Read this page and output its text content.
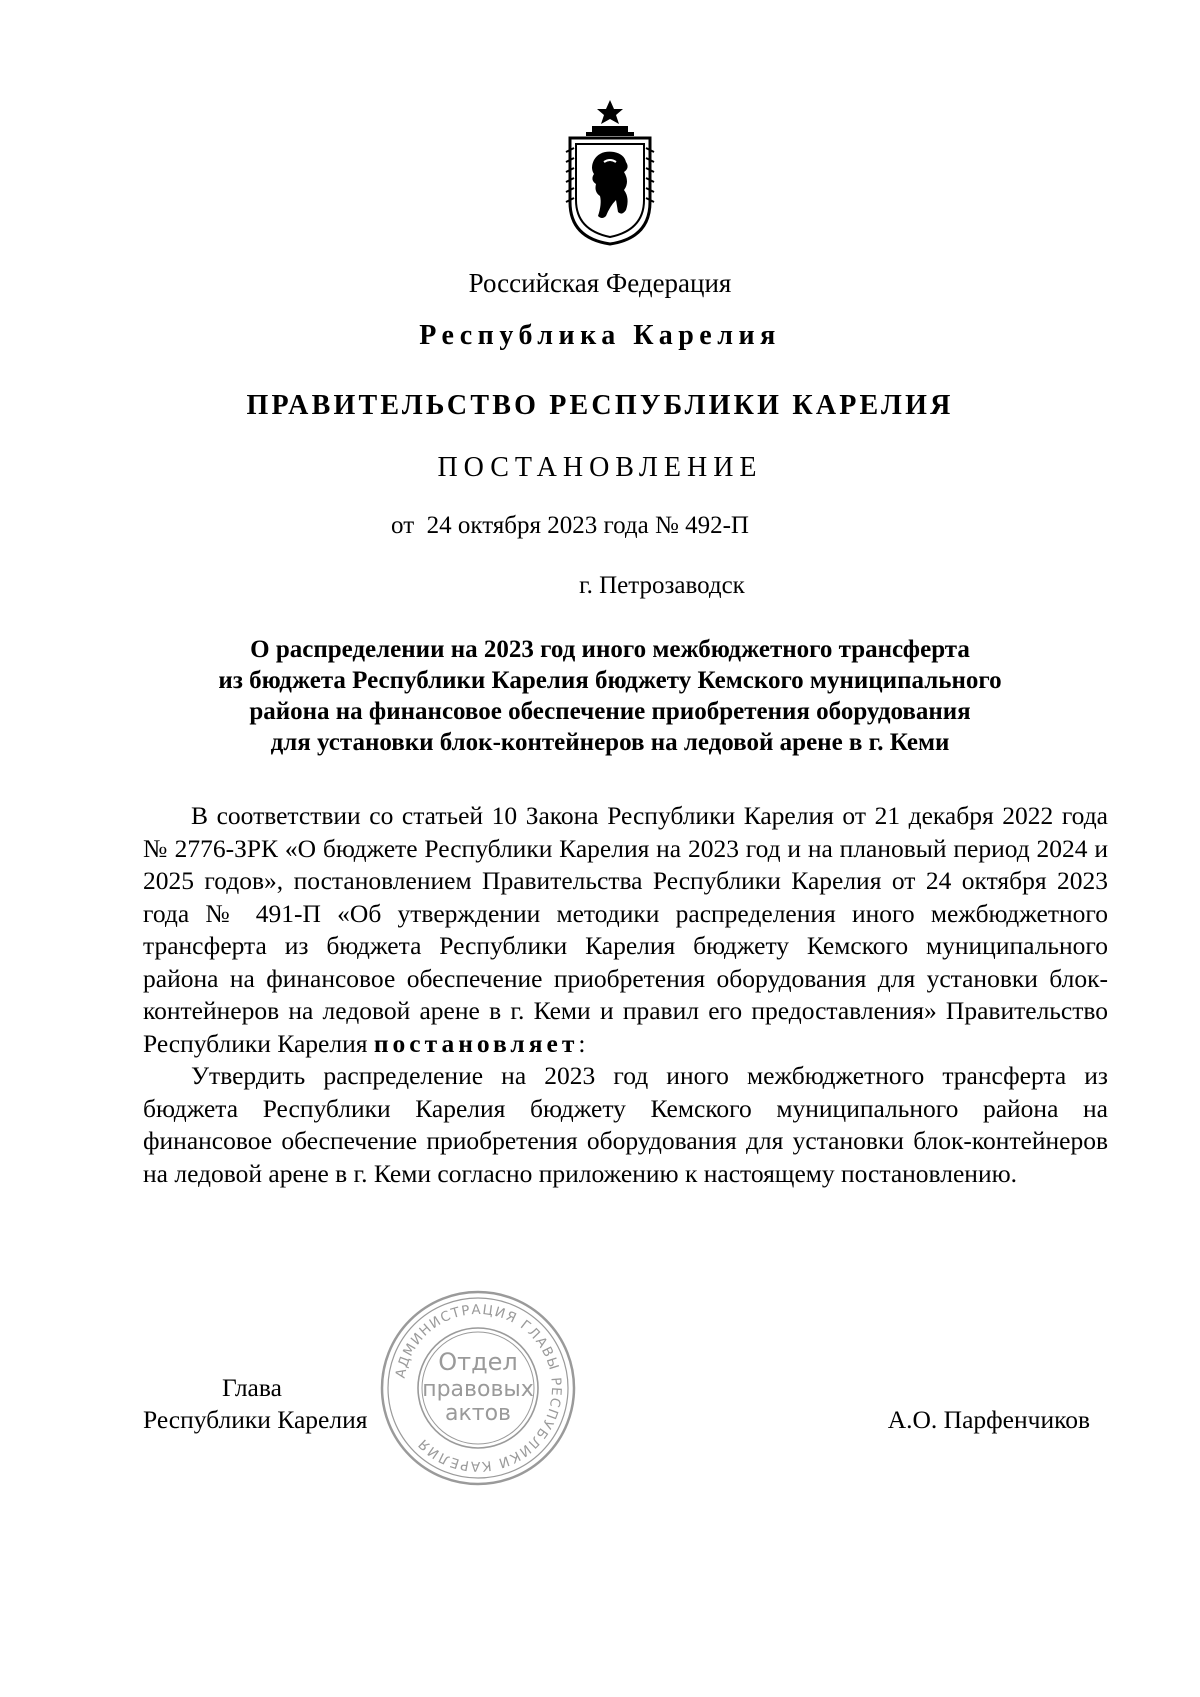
Российская Федерация
Республика Карелия
ПРАВИТЕЛЬСТВО РЕСПУБЛИКИ КАРЕЛИЯ
ПОСТАНОВЛЕНИЕ
от  24 октября 2023 года № 492-П
г. Петрозаводск
О распределении на 2023 год иного межбюджетного трансферта
из бюджета Республики Карелия бюджету Кемского муниципального
района на финансовое обеспечение приобретения оборудования
для установки блок-контейнеров на ледовой арене в г. Кеми

В соответствии со статьей 10 Закона Республики Карелия от 21 декабря 2022 года № 2776-ЗРК «О бюджете Республики Карелия на 2023 год и на плановый период 2024 и 2025 годов», постановлением Правительства Республики Карелия от 24 октября 2023 года № 491-П «Об утверждении методики распределения иного межбюджетного трансферта из бюджета Республики Карелия бюджету Кемского муниципального района на финансовое обеспечение приобретения оборудования для установки блок-контейнеров на ледовой арене в г. Кеми и правил его предоставления» Правительство Республики Карелия постановляет:

Утвердить распределение на 2023 год иного межбюджетного трансферта из бюджета Республики Карелия бюджету Кемского муниципального района на финансовое обеспечение приобретения оборудования для установки блок-контейнеров на ледовой арене в г. Кеми согласно приложению к настоящему постановлению.

Глава
Республики Карелия	А.О. Парфенчиков
АДМИНИСТРАЦИЯ ГЛАВЫ РЕСПУБЛИКИ КАРЕЛИЯ
Отдел
правовых
актов
